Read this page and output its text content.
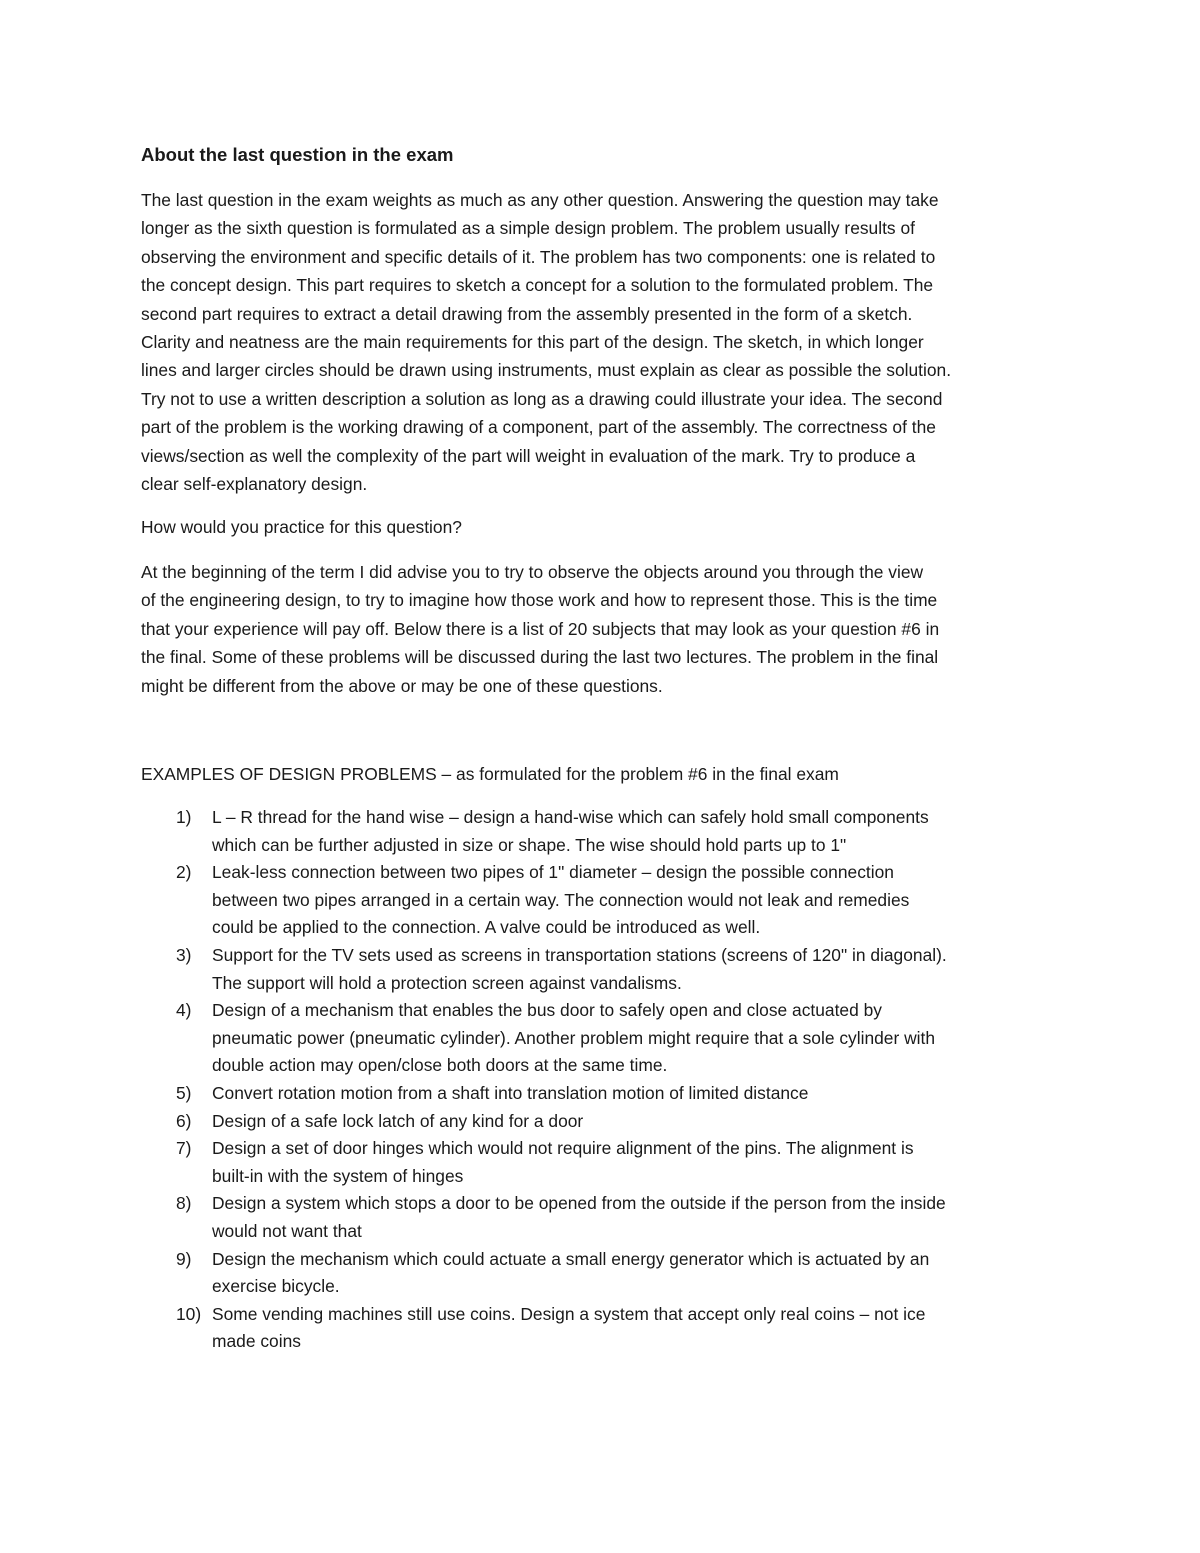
About the last question in the exam

The last question in the exam weights as much as any other question. Answering the question may take
longer as the sixth question is formulated as a simple design problem. The problem usually results of
observing the environment and specific details of it. The problem has two components: one is related to
the concept design. This part requires to sketch a concept for a solution to the formulated problem. The
second part requires to extract a detail drawing from the assembly presented in the form of a sketch.
Clarity and neatness are the main requirements for this part of the design. The sketch, in which longer
lines and larger circles should be drawn using instruments, must explain as clear as possible the solution.
Try not to use a written description a solution as long as a drawing could illustrate your idea. The second
part of the problem is the working drawing of a component, part of the assembly. The correctness of the
views/section as well the complexity of the part will weight in evaluation of the mark. Try to produce a
clear self-explanatory design.

How would you practice for this question?

At the beginning of the term I did advise you to try to observe the objects around you through the view
of the engineering design, to try to imagine how those work and how to represent those. This is the time
that your experience will pay off. Below there is a list of 20 subjects that may look as your question #6 in
the final. Some of these problems will be discussed during the last two lectures. The problem in the final
might be different from the above or may be one of these questions.

EXAMPLES OF DESIGN PROBLEMS – as formulated for the problem #6 in the final exam

1) L – R thread for the hand wise – design a hand-wise which can safely hold small components
which can be further adjusted in size or shape. The wise should hold parts up to 1"
2) Leak-less connection between two pipes of 1" diameter – design the possible connection
between two pipes arranged in a certain way. The connection would not leak and remedies
could be applied to the connection. A valve could be introduced as well.
3) Support for the TV sets used as screens in transportation stations (screens of 120" in diagonal).
The support will hold a protection screen against vandalisms.
4) Design of a mechanism that enables the bus door to safely open and close actuated by
pneumatic power (pneumatic cylinder). Another problem might require that a sole cylinder with
double action may open/close both doors at the same time.
5) Convert rotation motion from a shaft into translation motion of limited distance
6) Design of a safe lock latch of any kind for a door
7) Design a set of door hinges which would not require alignment of the pins. The alignment is
built-in with the system of hinges
8) Design a system which stops a door to be opened from the outside if the person from the inside
would not want that
9) Design the mechanism which could actuate a small energy generator which is actuated by an
exercise bicycle.
10) Some vending machines still use coins. Design a system that accept only real coins – not ice
made coins
